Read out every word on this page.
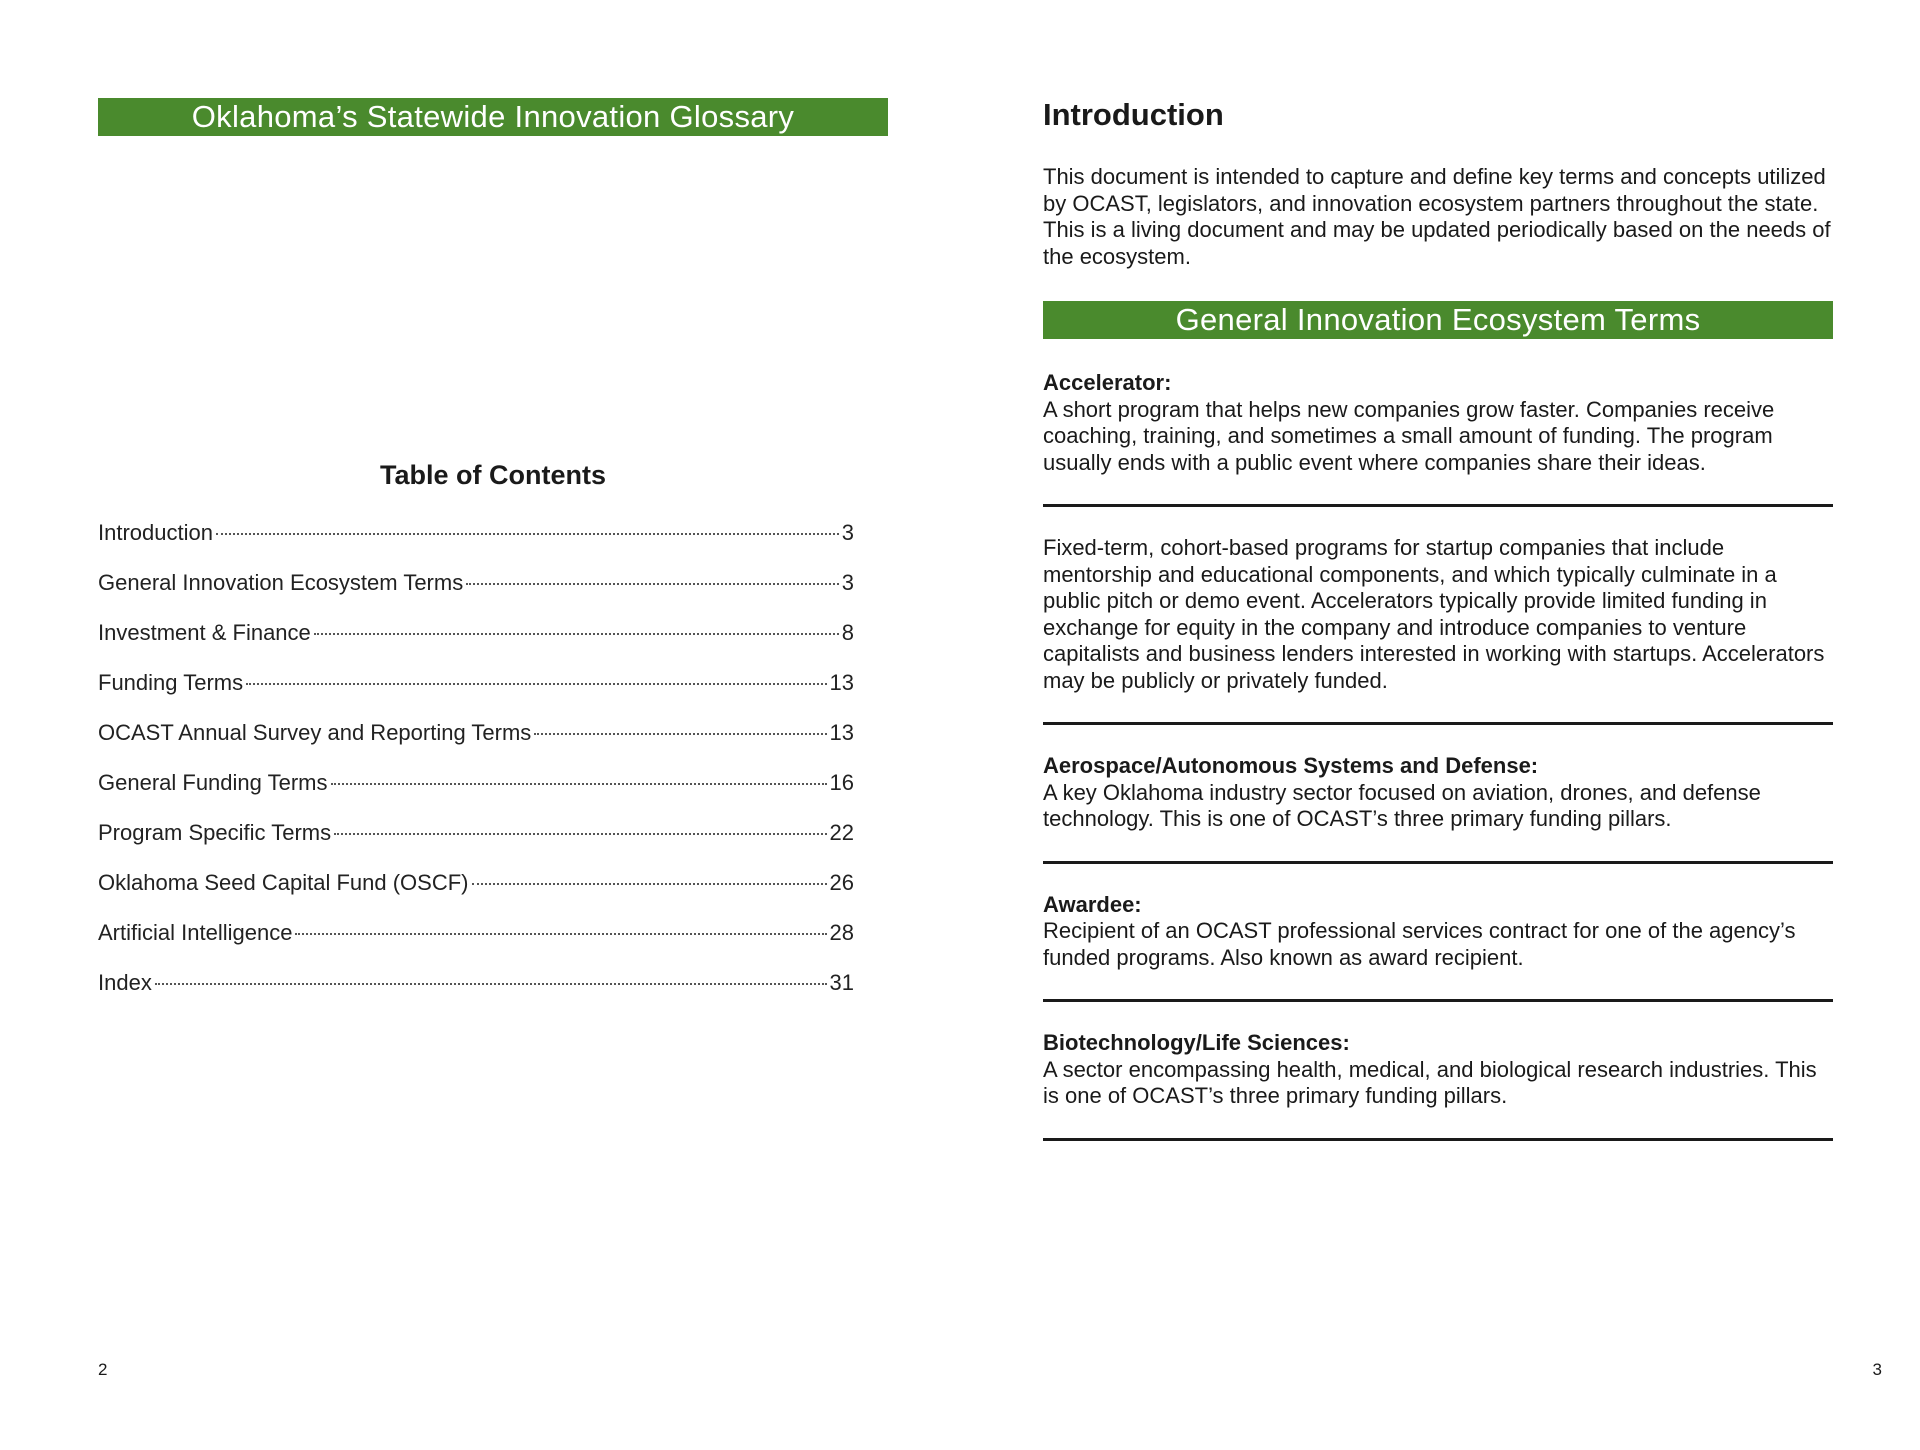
Oklahoma’s Statewide Innovation Glossary
Table of Contents
Introduction	3
General Innovation Ecosystem Terms	3
Investment & Finance	8
Funding Terms	13
OCAST Annual Survey and Reporting Terms	13
General Funding Terms	16
Program Specific Terms	22
Oklahoma Seed Capital Fund (OSCF)	26
Artificial Intelligence	28
Index	31
2
Introduction
This document is intended to capture and define key terms and concepts utilized by OCAST, legislators, and innovation ecosystem partners throughout the state. This is a living document and may be updated periodically based on the needs of the ecosystem.
General Innovation Ecosystem Terms
Accelerator:
A short program that helps new companies grow faster. Companies receive coaching, training, and sometimes a small amount of funding. The program usually ends with a public event where companies share their ideas.
Fixed-term, cohort-based programs for startup companies that include mentorship and educational components, and which typically culminate in a public pitch or demo event. Accelerators typically provide limited funding in exchange for equity in the company and introduce companies to venture capitalists and business lenders interested in working with startups. Accelerators may be publicly or privately funded.
Aerospace/Autonomous Systems and Defense:
A key Oklahoma industry sector focused on aviation, drones, and defense technology. This is one of OCAST’s three primary funding pillars.
Awardee:
Recipient of an OCAST professional services contract for one of the agency’s funded programs. Also known as award recipient.
Biotechnology/Life Sciences:
A sector encompassing health, medical, and biological research industries. This is one of OCAST’s three primary funding pillars.
3
